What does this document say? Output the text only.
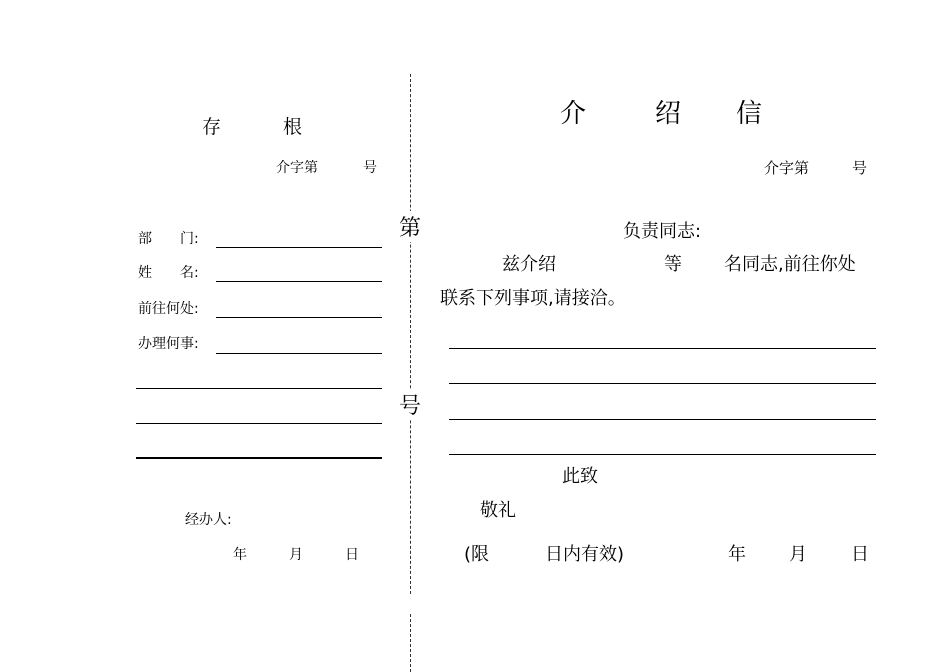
存	根
介字第	号
部　　门:
姓　　名:
前往何处:
办理何事:
经办人:
年	月	日
第
号
介	绍 信
介字第	号
负责同志:
兹介绍	等 名同志,前往你处
联系下列事项,请接洽。
此致
敬礼
(限	日内有效)	年 月 日
